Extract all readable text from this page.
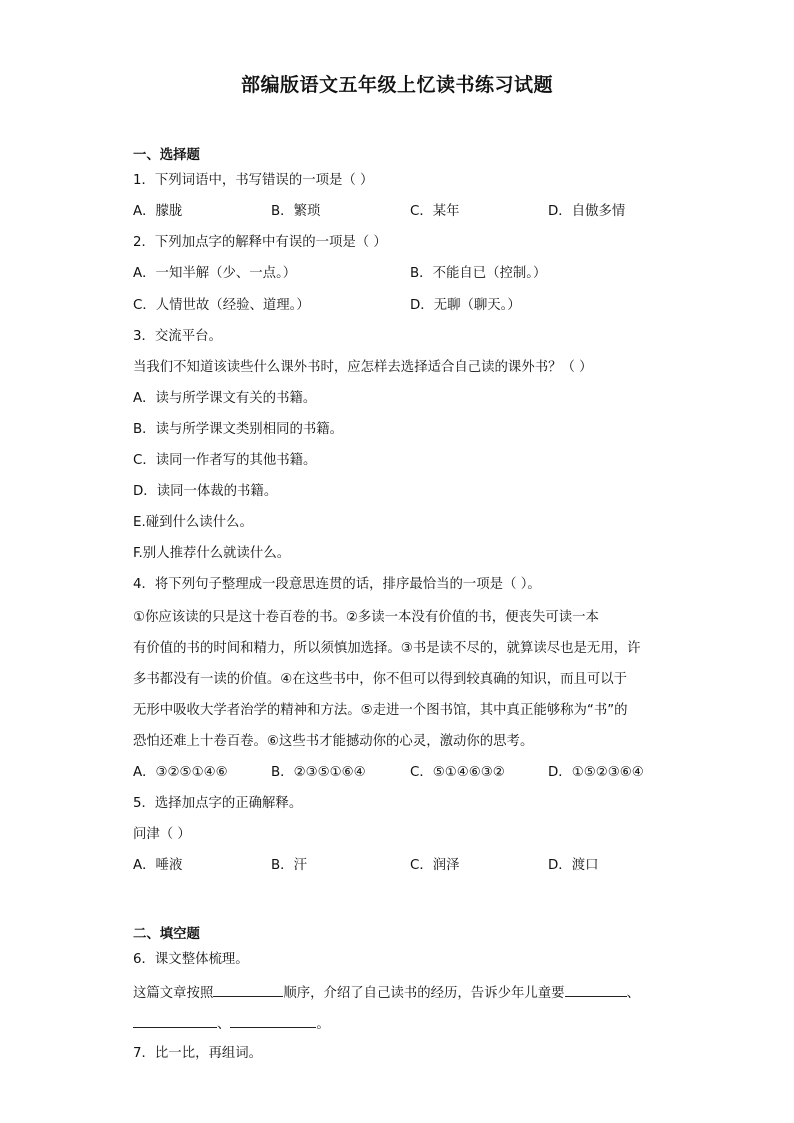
部编版语文五年级上忆读书练习试题
一、选择题
1．下列词语中，书写错误的一项是（ ）
A．朦胧	B．繁琐	C．某年	D．自傲多情
2．下列加点字的解释中有误的一项是（ ）
A．一知半解（少、一点。）	B．不能自已（控制。）
C．人情世故（经验、道理。）	D．无聊（聊天。）
3．交流平台。
当我们不知道该读些什么课外书时，应怎样去选择适合自己读的课外书？（ ）
A．读与所学课文有关的书籍。
B．读与所学课文类别相同的书籍。
C．读同一作者写的其他书籍。
D．读同一体裁的书籍。
E.碰到什么读什么。
F.别人推荐什么就读什么。
4．将下列句子整理成一段意思连贯的话，排序最恰当的一项是（ ）。
①你应该读的只是这十卷百卷的书。②多读一本没有价值的书，便丧失可读一本
有价值的书的时间和精力，所以须慎加选择。③书是读不尽的，就算读尽也是无用，许
多书都没有一读的价值。④在这些书中，你不但可以得到较真确的知识，而且可以于
无形中吸收大学者治学的精神和方法。⑤走进一个图书馆，其中真正能够称为“书”的
恐怕还难上十卷百卷。⑥这些书才能撼动你的心灵，激动你的思考。
A．③②⑤①④⑥	B．②③⑤①⑥④	C．⑤①④⑥③②	D．①⑤②③⑥④
5．选择加点字的正确解释。
问津（ ）
A．唾液	B．汗	C．润泽	D．渡口
二、填空题
6．课文整体梳理。
这篇文章按照	顺序，介绍了自己读书的经历，告诉少年儿童要	、
、	。
7．比一比，再组词。
